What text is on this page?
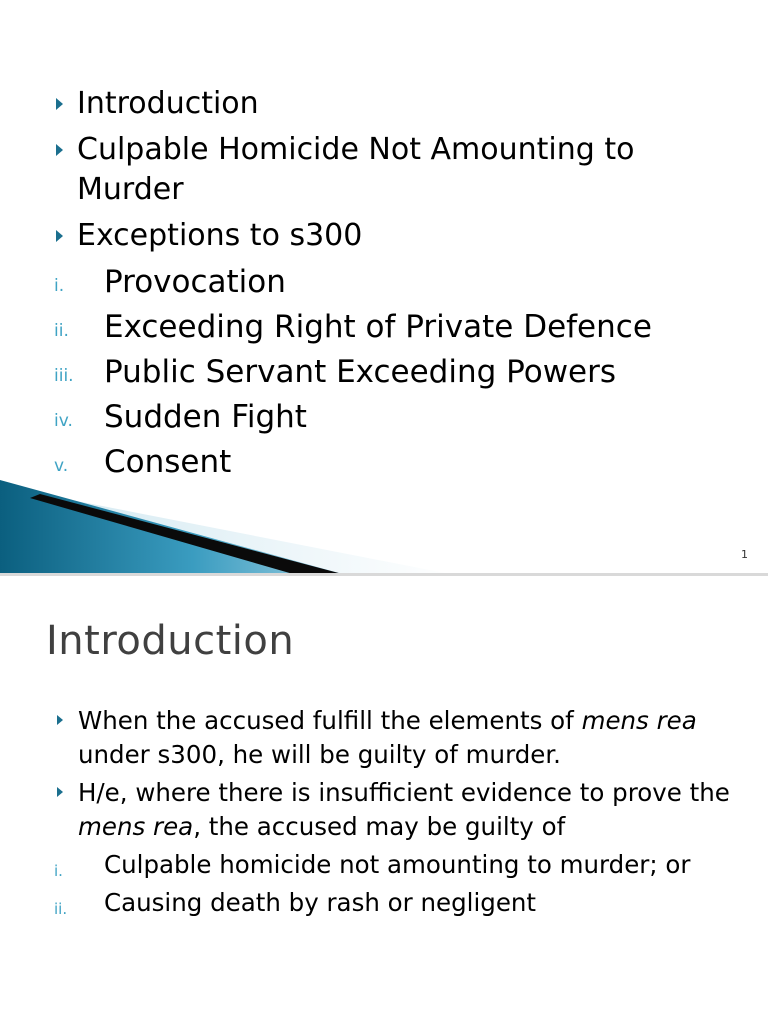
Introduction
Culpable Homicide Not Amounting to Murder
Exceptions to s300
i. Provocation
ii. Exceeding Right of Private Defence
iii. Public Servant Exceeding Powers
iv. Sudden Fight
v. Consent
1
Introduction
When the accused fulfill the elements of mens rea under s300, he will be guilty of murder.
H/e, where there is insufficient evidence to prove the mens rea, the accused may be guilty of
i. Culpable homicide not amounting to murder; or
ii. Causing death by rash or negligent
